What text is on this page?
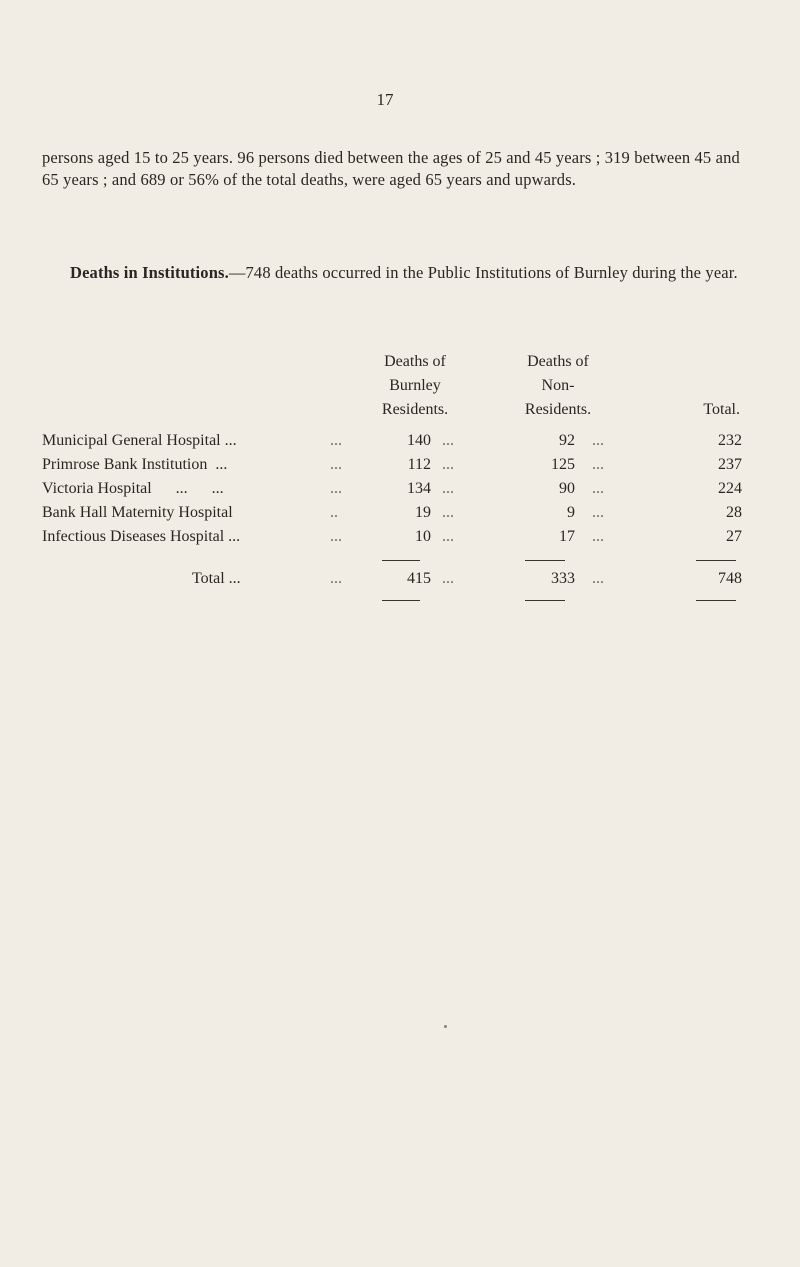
17
persons aged 15 to 25 years. 96 persons died between the ages of 25 and 45 years ; 319 between 45 and 65 years ; and 689 or 56% of the total deaths, were aged 65 years and upwards.
Deaths in Institutions.—748 deaths occurred in the Public Institutions of Burnley during the year.
Deaths of
Burnley
Residents.
Deaths of
Non-
Residents.	Total.
Municipal General Hospital ...	...	140 ...	92 ...	232
Primrose Bank Institution  ...	...	112 ...	125 ...	237
Victoria Hospital      ...      ...	...	134 ...	90 ...	224
Bank Hall Maternity Hospital	..	19 ...	9 ...	28
Infectious Diseases Hospital ...	...	10 ...	17 ...	27
Total ...	...	415 ...	333 ...	748
